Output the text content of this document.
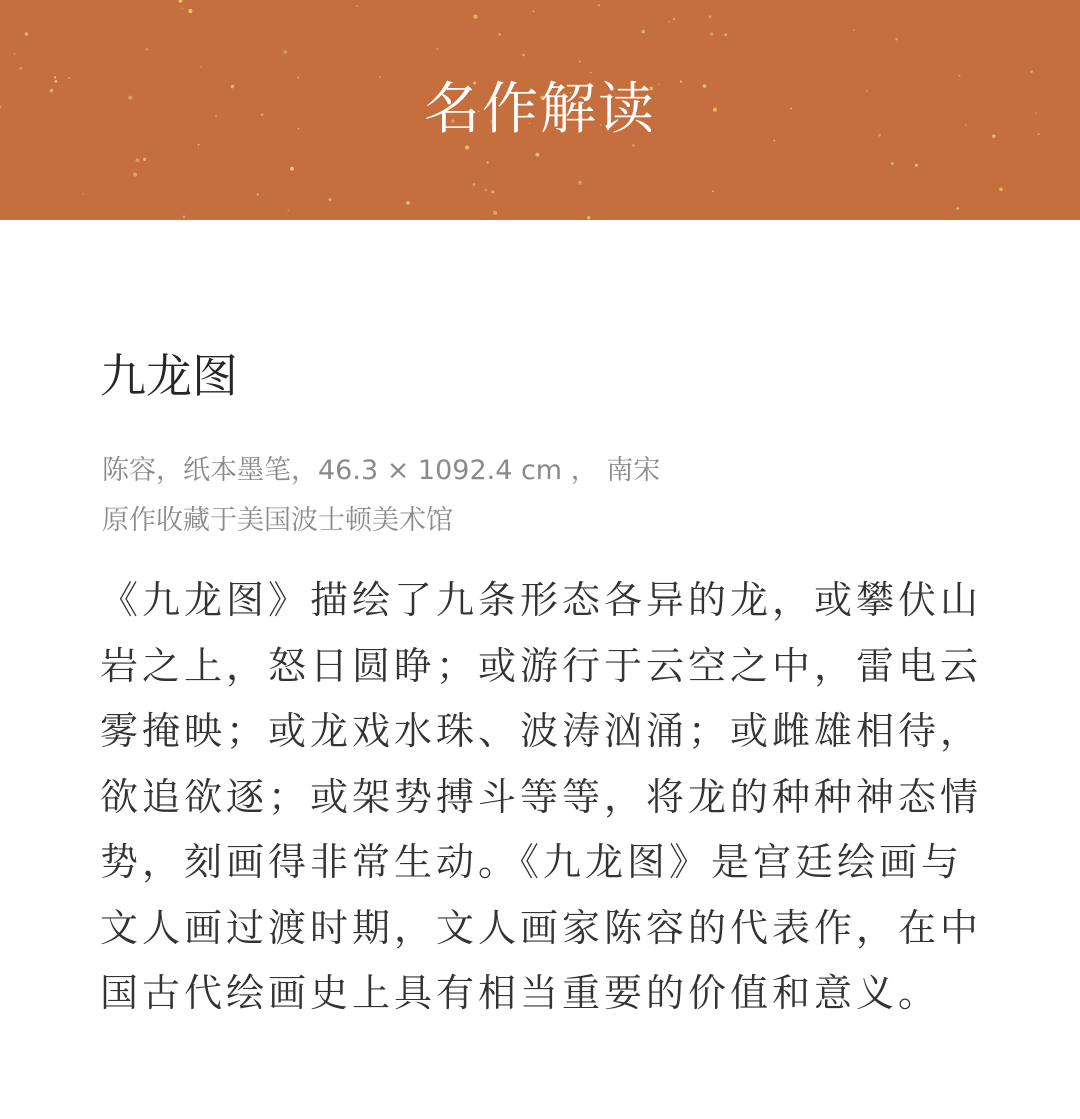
名作解读
九龙图
陈容，纸本墨笔，46.3 × 1092.4 cm ， 南宋
原作收藏于美国波士顿美术馆

《九龙图》描绘了九条形态各异的龙，或攀伏山岩之上，怒日圆睁；或游行于云空之中，雷电云雾掩映；或龙戏水珠、波涛汹涌；或雌雄相待，欲追欲逐；或架势搏斗等等，将龙的种种神态情势，刻画得非常生动。《九龙图》是宫廷绘画与文人画过渡时期，文人画家陈容的代表作，在中国古代绘画史上具有相当重要的价值和意义。
